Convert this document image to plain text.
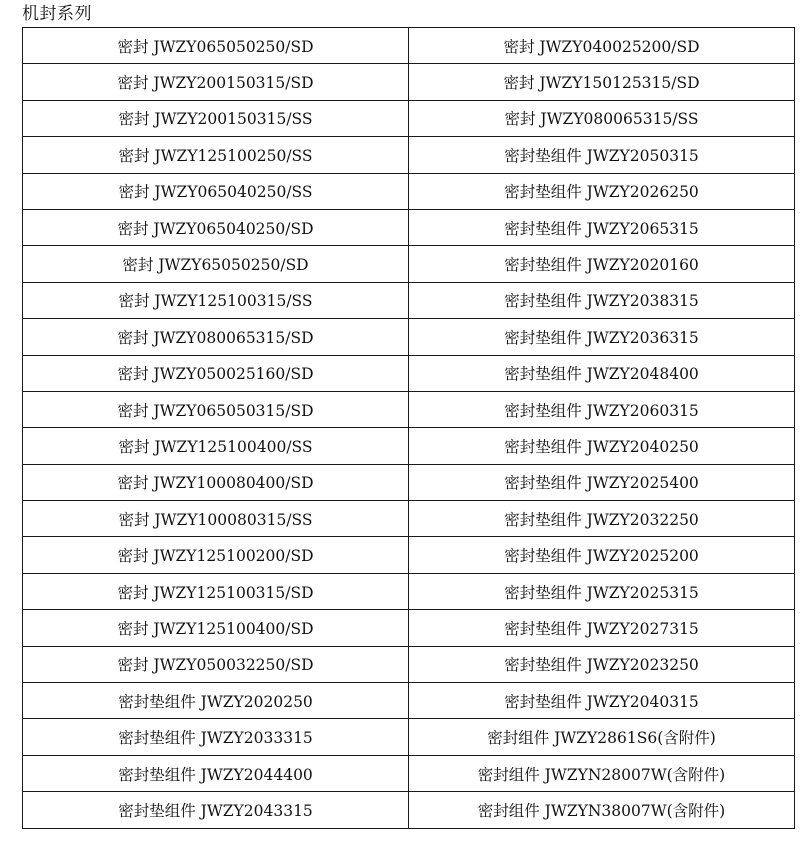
机封系列
密封 JWZY065050250/SD	密封 JWZY040025200/SD
密封 JWZY200150315/SD	密封 JWZY150125315/SD
密封 JWZY200150315/SS	密封 JWZY080065315/SS
密封 JWZY125100250/SS	密封垫组件 JWZY2050315
密封 JWZY065040250/SS	密封垫组件 JWZY2026250
密封 JWZY065040250/SD	密封垫组件 JWZY2065315
密封 JWZY65050250/SD	密封垫组件 JWZY2020160
密封 JWZY125100315/SS	密封垫组件 JWZY2038315
密封 JWZY080065315/SD	密封垫组件 JWZY2036315
密封 JWZY050025160/SD	密封垫组件 JWZY2048400
密封 JWZY065050315/SD	密封垫组件 JWZY2060315
密封 JWZY125100400/SS	密封垫组件 JWZY2040250
密封 JWZY100080400/SD	密封垫组件 JWZY2025400
密封 JWZY100080315/SS	密封垫组件 JWZY2032250
密封 JWZY125100200/SD	密封垫组件 JWZY2025200
密封 JWZY125100315/SD	密封垫组件 JWZY2025315
密封 JWZY125100400/SD	密封垫组件 JWZY2027315
密封 JWZY050032250/SD	密封垫组件 JWZY2023250
密封垫组件 JWZY2020250	密封垫组件 JWZY2040315
密封垫组件 JWZY2033315	密封组件 JWZY2861S6(含附件)
密封垫组件 JWZY2044400	密封组件 JWZYN28007W(含附件)
密封垫组件 JWZY2043315	密封组件 JWZYN38007W(含附件)
